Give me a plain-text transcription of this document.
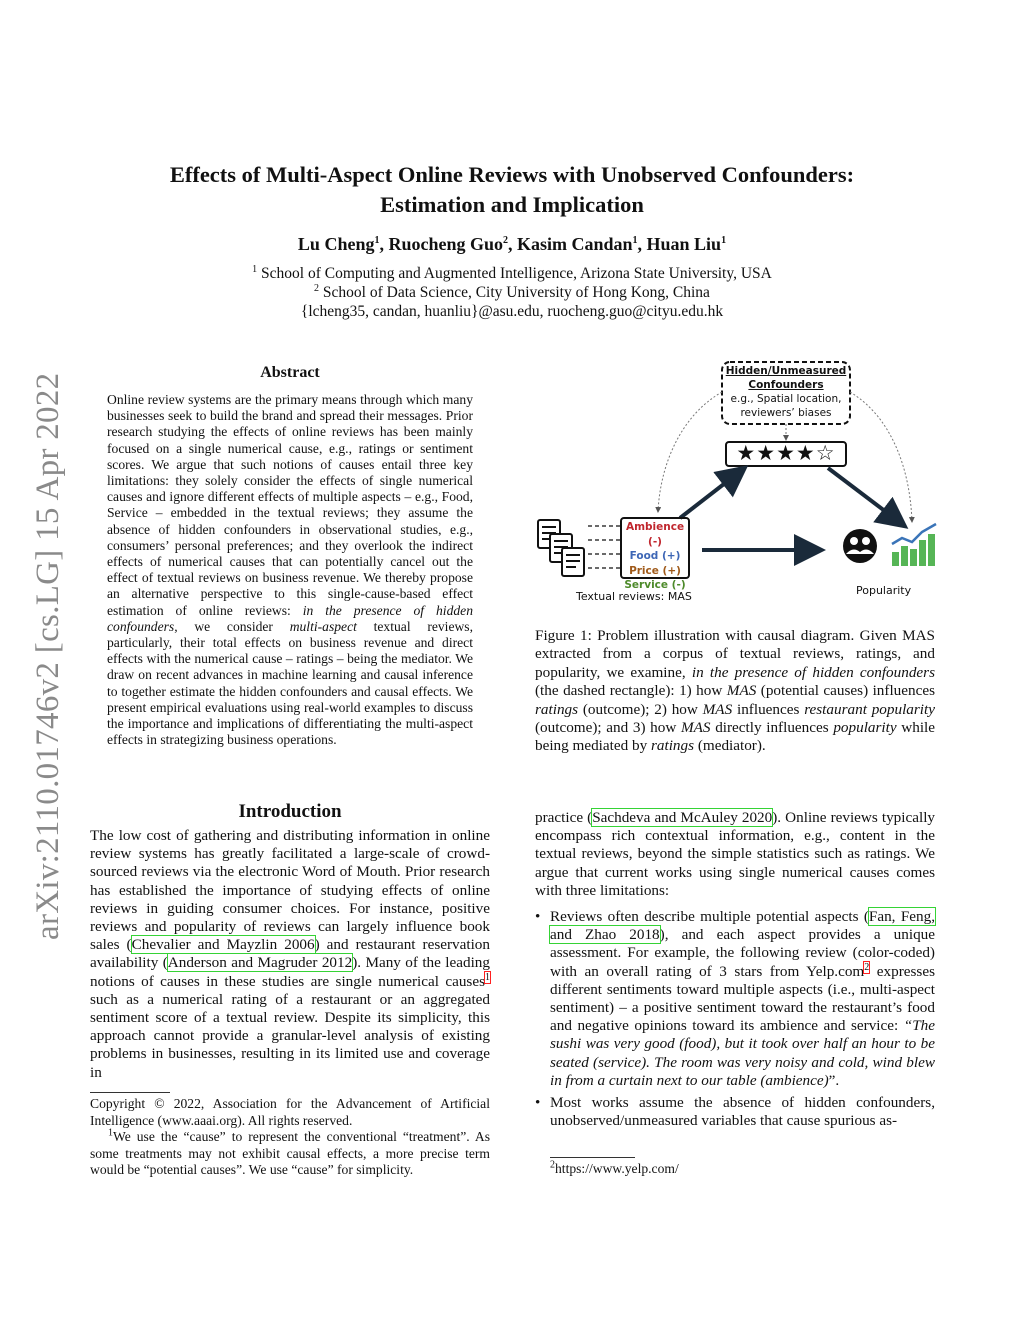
arXiv:2110.01746v2 [cs.LG] 15 Apr 2022
Effects of Multi-Aspect Online Reviews with Unobserved Confounders:
Estimation and Implication
Lu Cheng$^1$, Ruocheng Guo$^2$, Kasim Candan$^1$, Huan Liu$^1$
$^1$ School of Computing and Augmented Intelligence, Arizona State University, USA
$^2$ School of Data Science, City University of Hong Kong, China
{lcheng35, candan, huanliu}@asu.edu, ruocheng.guo@cityu.edu.hk
Abstract
Online review systems are the primary means through which many businesses seek to build the brand and spread their messages. Prior research studying the effects of online reviews has been mainly focused on a single numerical cause, e.g., ratings or sentiment scores. We argue that such notions of causes entail three key limitations: they solely consider the effects of single numerical causes and ignore different effects of multiple aspects – e.g., Food, Service – embedded in the textual reviews; they assume the absence of hidden confounders in observational studies, e.g., consumers’ personal preferences; and they overlook the indirect effects of numerical causes that can potentially cancel out the effect of textual reviews on business revenue. We thereby propose an alternative perspective to this single-cause-based effect estimation of online reviews: in the presence of hidden confounders, we consider multi-aspect textual reviews, particularly, their total effects on business revenue and direct effects with the numerical cause – ratings – being the mediator. We draw on recent advances in machine learning and causal inference to together estimate the hidden confounders and causal effects. We present empirical evaluations using real-world examples to discuss the importance and implications of differentiating the multi-aspect effects in strategizing business operations.
Introduction
The low cost of gathering and distributing information in online review systems has greatly facilitated a large-scale of crowd-sourced reviews via the electronic Word of Mouth. Prior research has established the importance of studying effects of online reviews in guiding consumer choices. For instance, positive reviews and popularity of reviews can largely influence book sales (Chevalier and Mayzlin 2006) and restaurant reservation availability (Anderson and Magruder 2012). Many of the leading notions of causes in these studies are single numerical causes$^1$ such as a numerical rating of a restaurant or an aggregated sentiment score of a textual review. Despite its simplicity, this approach cannot provide a granular-level analysis of existing problems in businesses, resulting in its limited use and coverage in
Copyright © 2022, Association for the Advancement of Artificial Intelligence (www.aaai.org). All rights reserved.
$^1$We use the “cause” to represent the conventional “treatment”. As some treatments may not exhibit causal effects, a more precise term would be “potential causes”. We use “cause” for simplicity.
Hidden/Unmeasured
Confounders
e.g., Spatial location,
reviewers’ biases
★★★★☆
Ambience (-)
Food (+)
Price (+)
Service (-)
Textual reviews: MAS	Popularity
Figure 1: Problem illustration with causal diagram. Given MAS extracted from a corpus of textual reviews, ratings, and popularity, we examine, in the presence of hidden confounders (the dashed rectangle): 1) how MAS (potential causes) influences ratings (outcome); 2) how MAS influences restaurant popularity (outcome); and 3) how MAS directly influences popularity while being mediated by ratings (mediator).
practice (Sachdeva and McAuley 2020). Online reviews typically encompass rich contextual information, e.g., content in the textual reviews, beyond the simple statistics such as ratings. We argue that current works using single numerical causes comes with three limitations:
• Reviews often describe multiple potential aspects (Fan, Feng, and Zhao 2018), and each aspect provides a unique assessment. For example, the following review (color-coded) with an overall rating of 3 stars from Yelp.com$^2$ expresses different sentiments toward multiple aspects (i.e., multi-aspect sentiment) – a positive sentiment toward the restaurant’s food and negative opinions toward its ambience and service: “The sushi was very good (food), but it took over half an hour to be seated (service). The room was very noisy and cold, wind blew in from a curtain next to our table (ambience)”.
• Most works assume the absence of hidden confounders, unobserved/unmeasured variables that cause spurious as-
$^2$https://www.yelp.com/
